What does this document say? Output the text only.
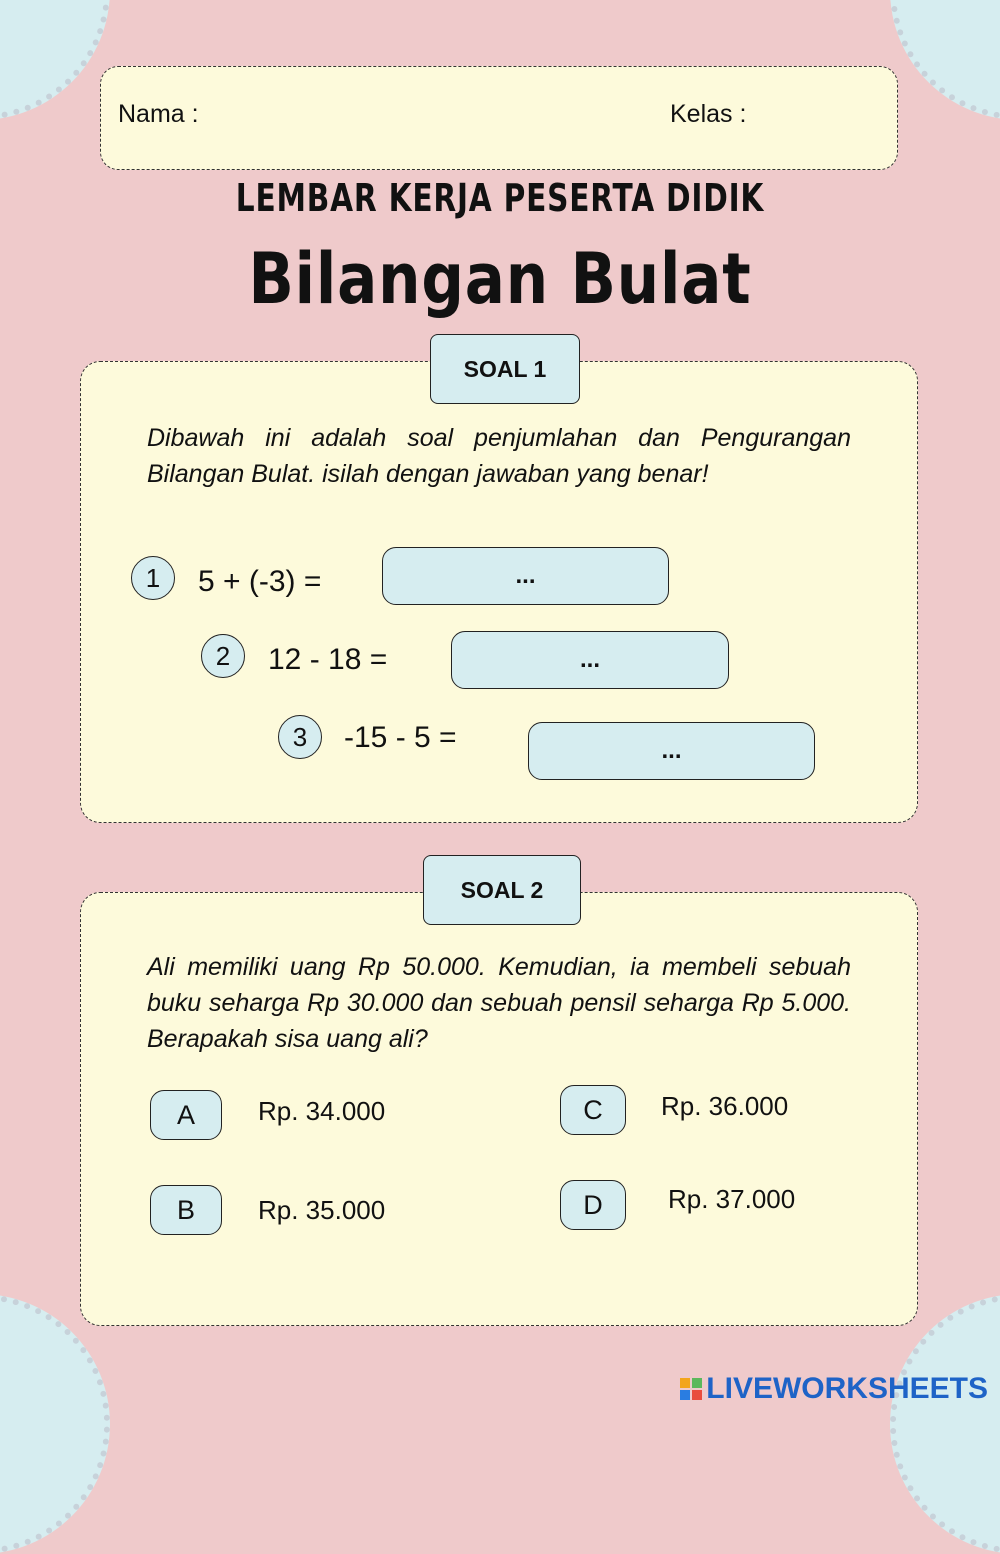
Nama :	Kelas :
LEMBAR KERJA PESERTA DIDIK
Bilangan Bulat
SOAL 1
Dibawah ini adalah soal penjumlahan dan Pengurangan Bilangan Bulat. isilah dengan jawaban yang benar!
1	5 + (-3) =	...
2	12 - 18 =	...
3	-15 - 5 =	...
SOAL 2
Ali memiliki uang Rp 50.000. Kemudian, ia membeli sebuah buku seharga Rp 30.000 dan sebuah pensil seharga Rp 5.000. Berapakah sisa uang ali?
A	Rp. 34.000
B	Rp. 35.000
C	Rp. 36.000
D	Rp. 37.000
LIVEWORKSHEETS
